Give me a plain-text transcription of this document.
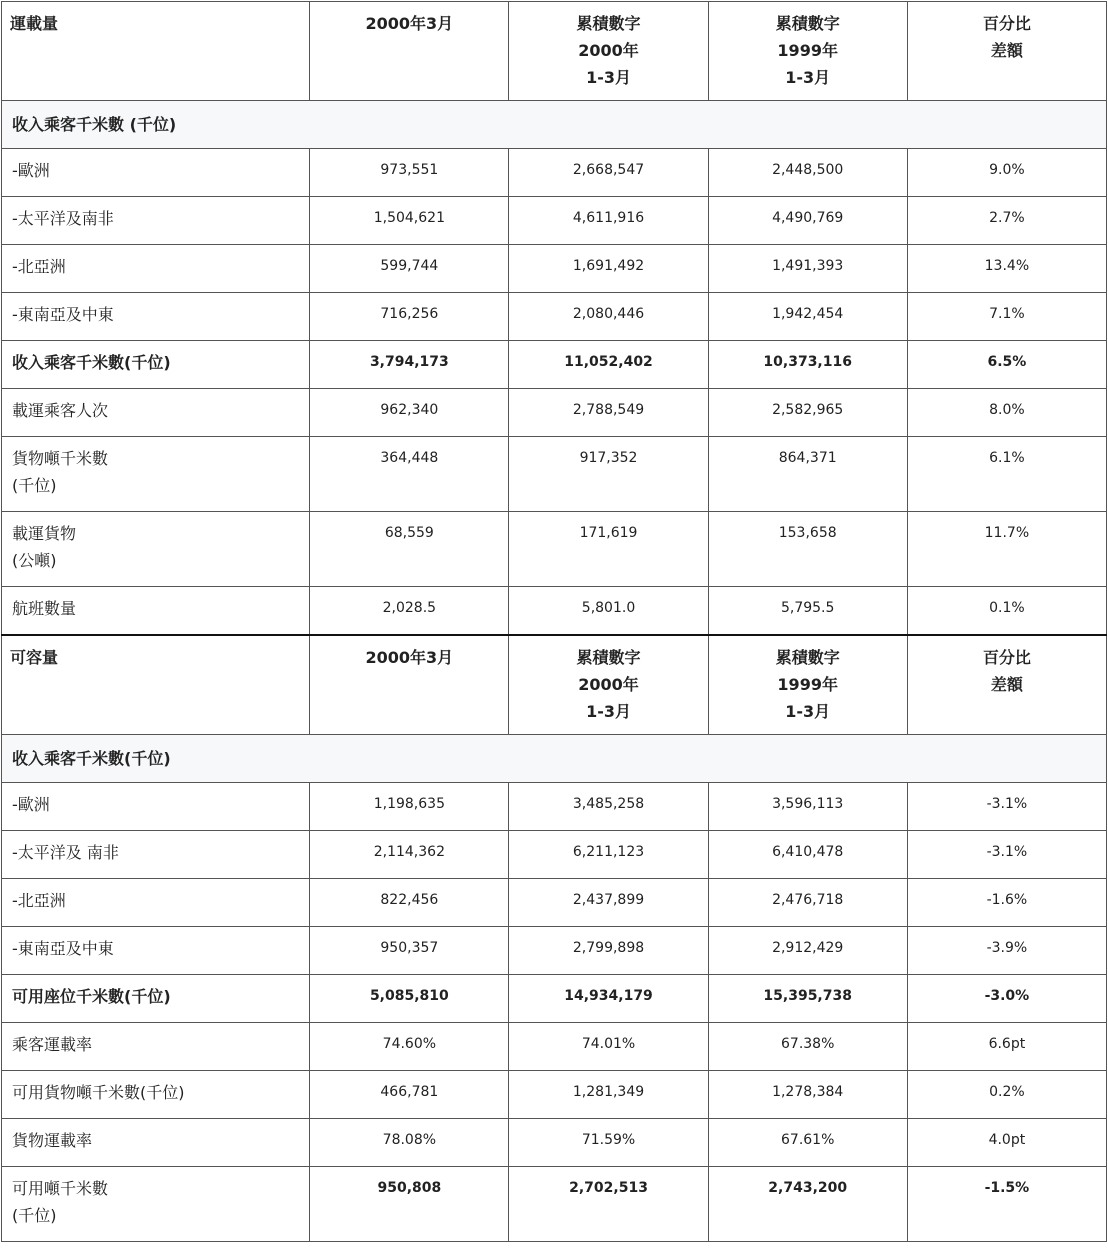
運載量	2000年3月	累積數字
2000年
1-3月	累積數字
1999年
1-3月	百分比
差額

收入乘客千米數 (千位)				

-歐洲	973,551	2,668,547	2,448,500	9.0%

-太平洋及南非	1,504,621	4,611,916	4,490,769	2.7%

-北亞洲	599,744	1,691,492	1,491,393	13.4%

-東南亞及中東	716,256	2,080,446	1,942,454	7.1%

收入乘客千米數(千位)	3,794,173	11,052,402	10,373,116	6.5%

載運乘客人次	962,340	2,788,549	2,582,965	8.0%

貨物噸千米數
(千位)	364,448	917,352	864,371	6.1%

載運貨物
(公噸)	68,559	171,619	153,658	11.7%

航班數量	2,028.5	5,801.0	5,795.5	0.1%
可容量	2000年3月	累積數字
2000年
1-3月	累積數字
1999年
1-3月	百分比
差額

收入乘客千米數(千位)				

-歐洲	1,198,635	3,485,258	3,596,113	-3.1%

-太平洋及 南非	2,114,362	6,211,123	6,410,478	-3.1%

-北亞洲	822,456	2,437,899	2,476,718	-1.6%

-東南亞及中東	950,357	2,799,898	2,912,429	-3.9%

可用座位千米數(千位)	5,085,810	14,934,179	15,395,738	-3.0%

乘客運載率	74.60%	74.01%	67.38%	6.6pt

可用貨物噸千米數(千位)	466,781	1,281,349	1,278,384	0.2%

貨物運載率	78.08%	71.59%	67.61%	4.0pt

可用噸千米數
(千位)	950,808	2,702,513	2,743,200	-1.5%
